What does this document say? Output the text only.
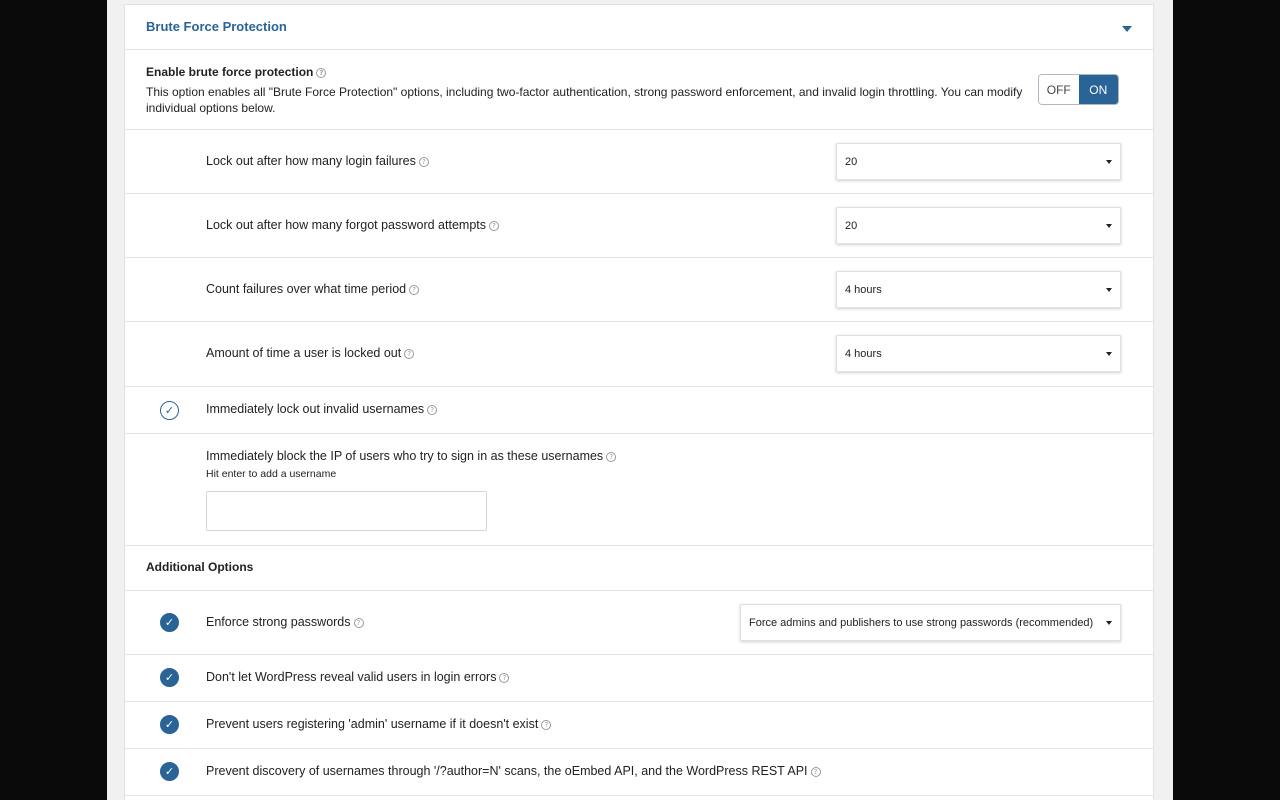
Brute Force Protection
Enable brute force protection ?
This option enables all "Brute Force Protection" options, including two-factor authentication, strong password enforcement, and invalid login throttling. You can modify individual options below.
OFF	ON
Lock out after how many login failures ?	20
Lock out after how many forgot password attempts ?	20
Count failures over what time period ?	4 hours
Amount of time a user is locked out ?	4 hours
✓	Immediately lock out invalid usernames ?
Immediately block the IP of users who try to sign in as these usernames ?
Hit enter to add a username
Additional Options
✓	Enforce strong passwords ?	Force admins and publishers to use strong passwords (recommended)
✓	Don't let WordPress reveal valid users in login errors ?
✓	Prevent users registering 'admin' username if it doesn't exist ?
✓	Prevent discovery of usernames through '/?author=N' scans, the oEmbed API, and the WordPress REST API ?
